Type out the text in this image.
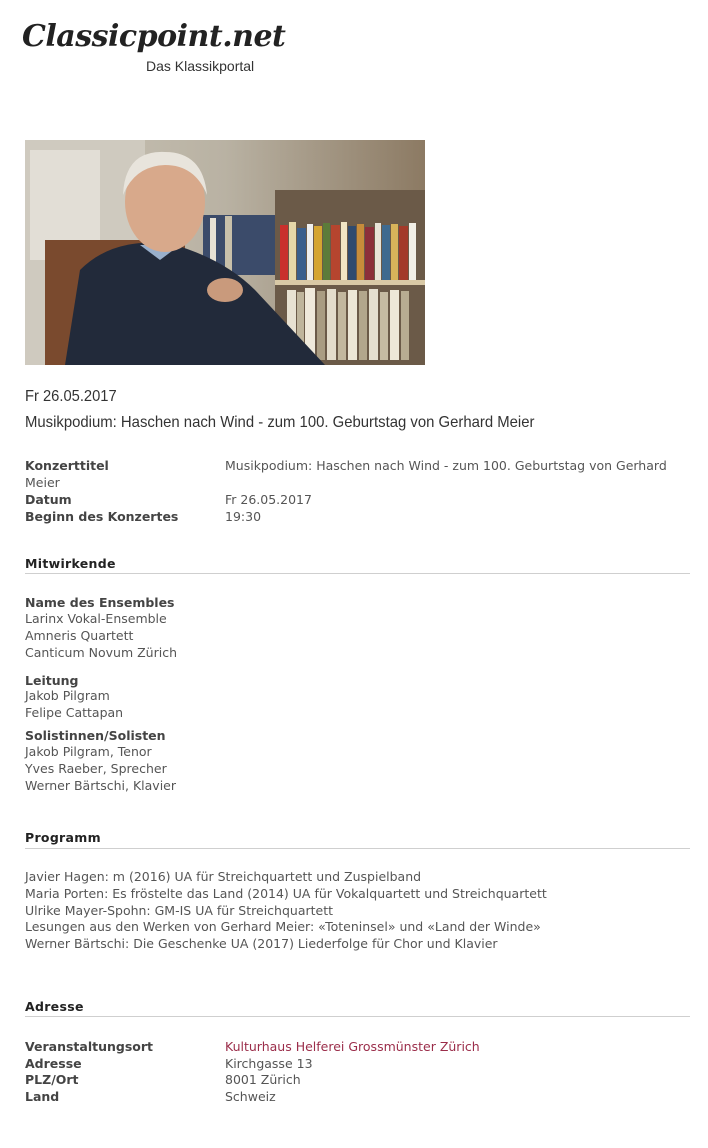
Classicpoint.net
Das Klassikportal
Fr 26.05.2017
Musikpodium: Haschen nach Wind - zum 100. Geburtstag von Gerhard Meier
Konzerttitel	Musikpodium: Haschen nach Wind - zum 100. Geburtstag von Gerhard
Meier
Datum	Fr 26.05.2017
Beginn des Konzertes	19:30
Mitwirkende
Name des Ensembles
Larinx Vokal-Ensemble
Amneris Quartett
Canticum Novum Zürich
Leitung
Jakob Pilgram
Felipe Cattapan
Solistinnen/Solisten
Jakob Pilgram, Tenor
Yves Raeber, Sprecher
Werner Bärtschi, Klavier
Programm
Javier Hagen: m (2016) UA für Streichquartett und Zuspielband
Maria Porten: Es fröstelte das Land (2014) UA für Vokalquartett und Streichquartett
Ulrike Mayer-Spohn: GM-IS UA für Streichquartett
Lesungen aus den Werken von Gerhard Meier: «Toteninsel» und «Land der Winde»
Werner Bärtschi: Die Geschenke UA (2017) Liederfolge für Chor und Klavier
Adresse
Veranstaltungsort	Kulturhaus Helferei Grossmünster Zürich
Adresse	Kirchgasse 13
PLZ/Ort	8001 Zürich
Land	Schweiz
